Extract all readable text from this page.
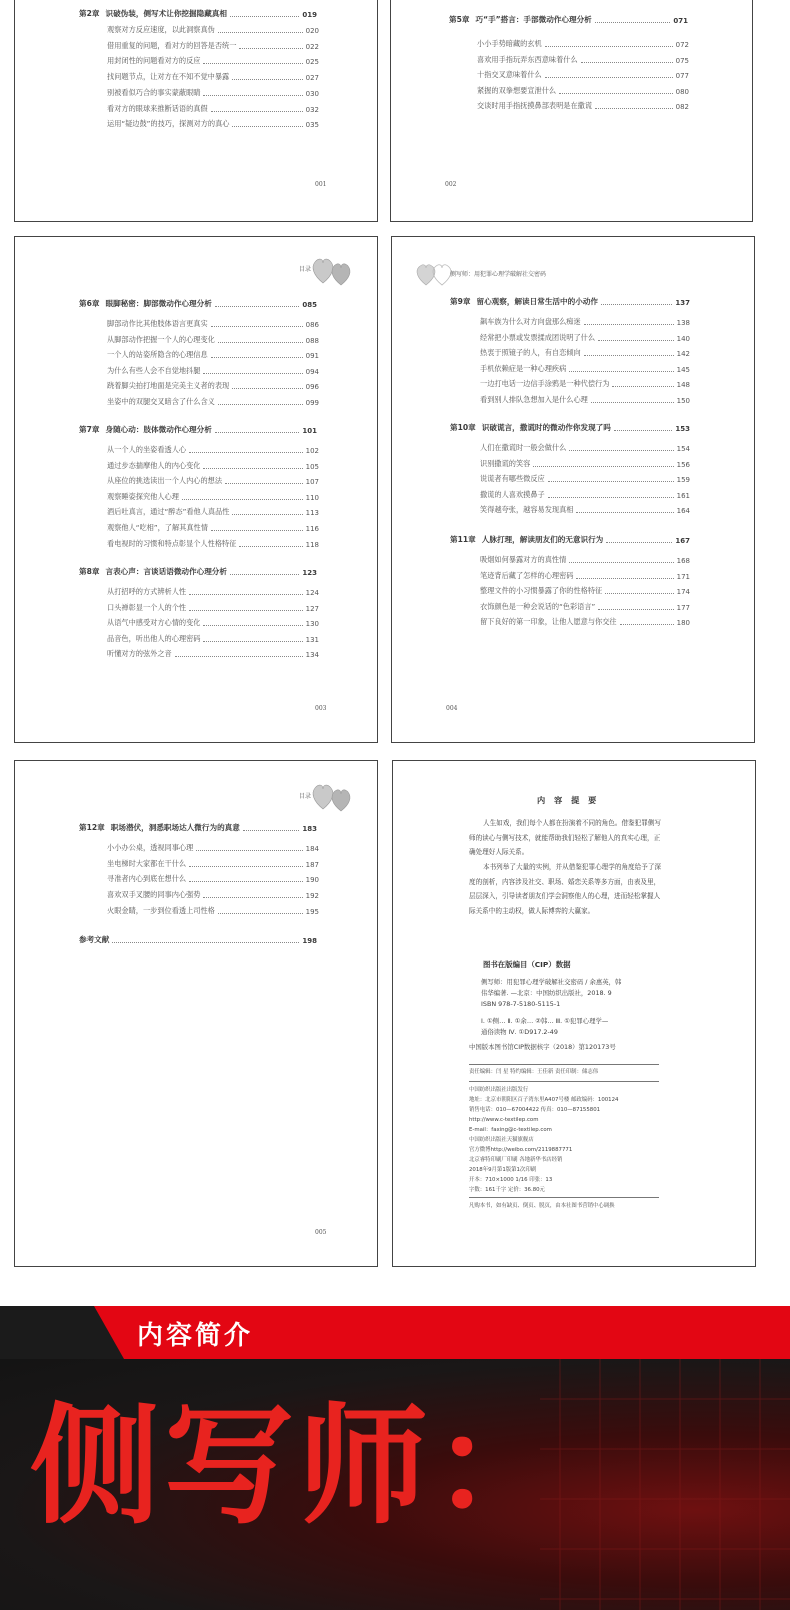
第2章 识破伪装，侧写术让你挖掘隐藏真相	019
001
观察对方反应速度，以此洞察真伪	020
借用重复的问题，看对方的回答是否统一	022
用封闭性的问题看对方的反应	025
找问题节点，让对方在不知不觉中暴露	027
别被看似巧合的事实蒙蔽眼睛	030
看对方的眼球来推断话语的真假	032
运用“疑边鼓”的技巧，探测对方的真心	035
第5章 巧“手”搭言：手部微动作心理分析	071
002
小小手势暗藏的玄机	072
喜欢用手指玩弄东西意味着什么	075
十指交叉意味着什么	077
紧握的双拳想要宣泄什么	080
交谈时用手指抚摸鼻部表明是在撒谎	082
目录
003
第6章 眼脚秘密：脚部微动作心理分析	085
脚部动作比其他肢体语言更真实	086
从脚部动作把握一个人的心理变化	088
一个人的站姿所隐含的心理信息	091
为什么有些人会不自觉地抖腿	094
跷着脚尖拍打地面是完美主义者的表现	096
坐姿中的双腿交叉暗含了什么含义	099
第7章 身随心动：肢体微动作心理分析	101
从一个人的坐姿看透人心	102
通过步态揣摩他人的内心变化	105
从座位的挑选读出一个人内心的想法	107
观察睡姿探究他人心理	110
酒后吐真言，通过“醉态”看他人真品性	113
观察他人“吃相”，了解其真性情	116
看电视时的习惯和特点彰显个人性格特征	118
第8章 言表心声：言谈话语微动作心理分析	123
从打招呼的方式辨析人性	124
口头禅彰显一个人的个性	127
从语气中感受对方心情的变化	130
品音色，听出他人的心理密码	131
听懂对方的弦外之音	134
侧写师：用犯罪心理学破解社交密码
004
第9章 留心观察，解读日常生活中的小动作	137
飙车族为什么对方向盘那么痴迷	138
经常把小票或发票揉成团说明了什么	140
热衷于照镜子的人，有自恋倾向	142
手机依赖症是一种心理疾病	145
一边打电话一边信手涂鸦是一种代偿行为	148
看到别人排队急想加入是什么心理	150
第10章 识破谎言，撒谎时的微动作你发现了吗	153
人们在撒谎时一般会做什么	154
识别撒谎的笑容	156
说谎者有哪些微反应	159
撒谎的人喜欢摸鼻子	161
笑得越夸张，越容易发现真相	164
第11章 人脉打理，解读朋友们的无意识行为	167
吸烟如何暴露对方的真性情	168
笔迹背后藏了怎样的心理密码	171
整理文件的小习惯暴露了你的性格特征	174
衣饰颜色是一种会说话的“色彩语言”	177
留下良好的第一印象，让他人愿意与你交往	180
目录
参考文献	198
005
第12章 职场潜伏，洞悉职场达人微行为的真意	183
小小办公桌，透视同事心理	184
坐电梯时大家都在干什么	187
寻准者内心到底在想什么	190
喜欢双手叉腰的同事内心强势	192
火眼金睛，一步到位看透上司性格	195
内 容 提 要
人生如戏，我们每个人都在扮演着不同的角色。借鉴犯罪侧写师的读心与侧写技术，就能帮助我们轻松了解他人的真实心理，正确处理好人际关系。
本书列举了大量的实例，并从借鉴犯罪心理学的角度给予了深度的剖析，内容涉及社交、职场、婚恋关系等多方面，由表及里，层层深入，引导读者朋友们学会洞察他人的心理，进而轻松掌握人际关系中的主动权，做人际博弈的大赢家。
图书在版编目（CIP）数据
侧写师：用犯罪心理学破解社交密码 / 余惠英，韩
伟华编著. —北京：中国纺织出版社，2018. 9
ISBN 978-7-5180-5115-1
Ⅰ. ①侧… Ⅱ. ①余… ②韩… Ⅲ. ①犯罪心理学—
通俗读物 Ⅳ. ①D917.2-49
中国版本图书馆CIP数据核字（2018）第120173号
责任编辑：闫 星 特约编辑：王佳新 责任印制：储志伟
中国纺织出版社出版发行
地址：北京市朝阳区百子湾东里A407号楼 邮政编码：100124
销售电话：010—67004422 传真：010—87155801
http://www.c-textilep.com
E-mail：faxing@c-textilep.com
中国纺织出版社天猫旗舰店
官方微博http://weibo.com/2119887771
北京睿特印刷厂印刷 各地新华书店经销
2018年9月第1版第1次印刷
开本：710×1000 1/16 印张：13
字数：161千字 定价：36.80元
凡购本书，如有缺页、倒页、脱页，由本社图书营销中心调换
内容简介
侧写师：
